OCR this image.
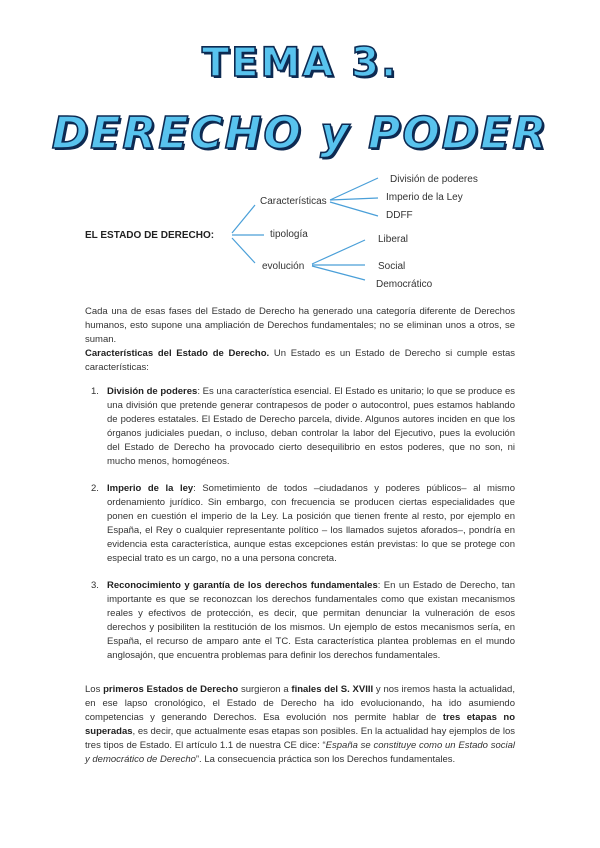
TEMA 3.
DERECHO y PODER
EL ESTADO DE DERECHO:
Características
tipología
evolución
División de poderes
Imperio de la Ley
DDFF
Liberal
Social
Democrático

Cada una de esas fases del Estado de Derecho ha generado una categoría diferente de Derechos humanos, esto supone una ampliación de Derechos fundamentales; no se eliminan unos a otros, se suman.

Características del Estado de Derecho. Un Estado es un Estado de Derecho si cumple estas características:

1. División de poderes: Es una característica esencial. El Estado es unitario; lo que se produce es una división que pretende generar contrapesos de poder o autocontrol, pues estamos hablando de poderes estatales. El Estado de Derecho parcela, divide. Algunos autores inciden en que los órganos judiciales puedan, o incluso, deban controlar la labor del Ejecutivo, pues la evolución del Estado de Derecho ha provocado cierto desequilibrio en estos poderes, que no son, ni mucho menos, homogéneos.
2. Imperio de la ley: Sometimiento de todos –ciudadanos y poderes públicos– al mismo ordenamiento jurídico. Sin embargo, con frecuencia se producen ciertas especialidades que ponen en cuestión el imperio de la Ley. La posición que tienen frente al resto, por ejemplo en España, el Rey o cualquier representante político – los llamados sujetos aforados–, pondría en evidencia esta característica, aunque estas excepciones están previstas: lo que se protege con especial trato es un cargo, no a una persona concreta.
3. Reconocimiento y garantía de los derechos fundamentales: En un Estado de Derecho, tan importante es que se reconozcan los derechos fundamentales como que existan mecanismos reales y efectivos de protección, es decir, que permitan denunciar la vulneración de esos derechos y posibiliten la restitución de los mismos. Un ejemplo de estos mecanismos sería, en España, el recurso de amparo ante el TC. Esta característica plantea problemas en el mundo anglosajón, que encuentra problemas para definir los derechos fundamentales.

Los primeros Estados de Derecho surgieron a finales del S. XVIII y nos iremos hasta la actualidad, en ese lapso cronológico, el Estado de Derecho ha ido evolucionando, ha ido asumiendo competencias y generando Derechos. Esa evolución nos permite hablar de tres etapas no superadas, es decir, que actualmente esas etapas son posibles. En la actualidad hay ejemplos de los tres tipos de Estado. El artículo 1.1 de nuestra CE dice: “España se constituye como un Estado social y democrático de Derecho”. La consecuencia práctica son los Derechos fundamentales.
